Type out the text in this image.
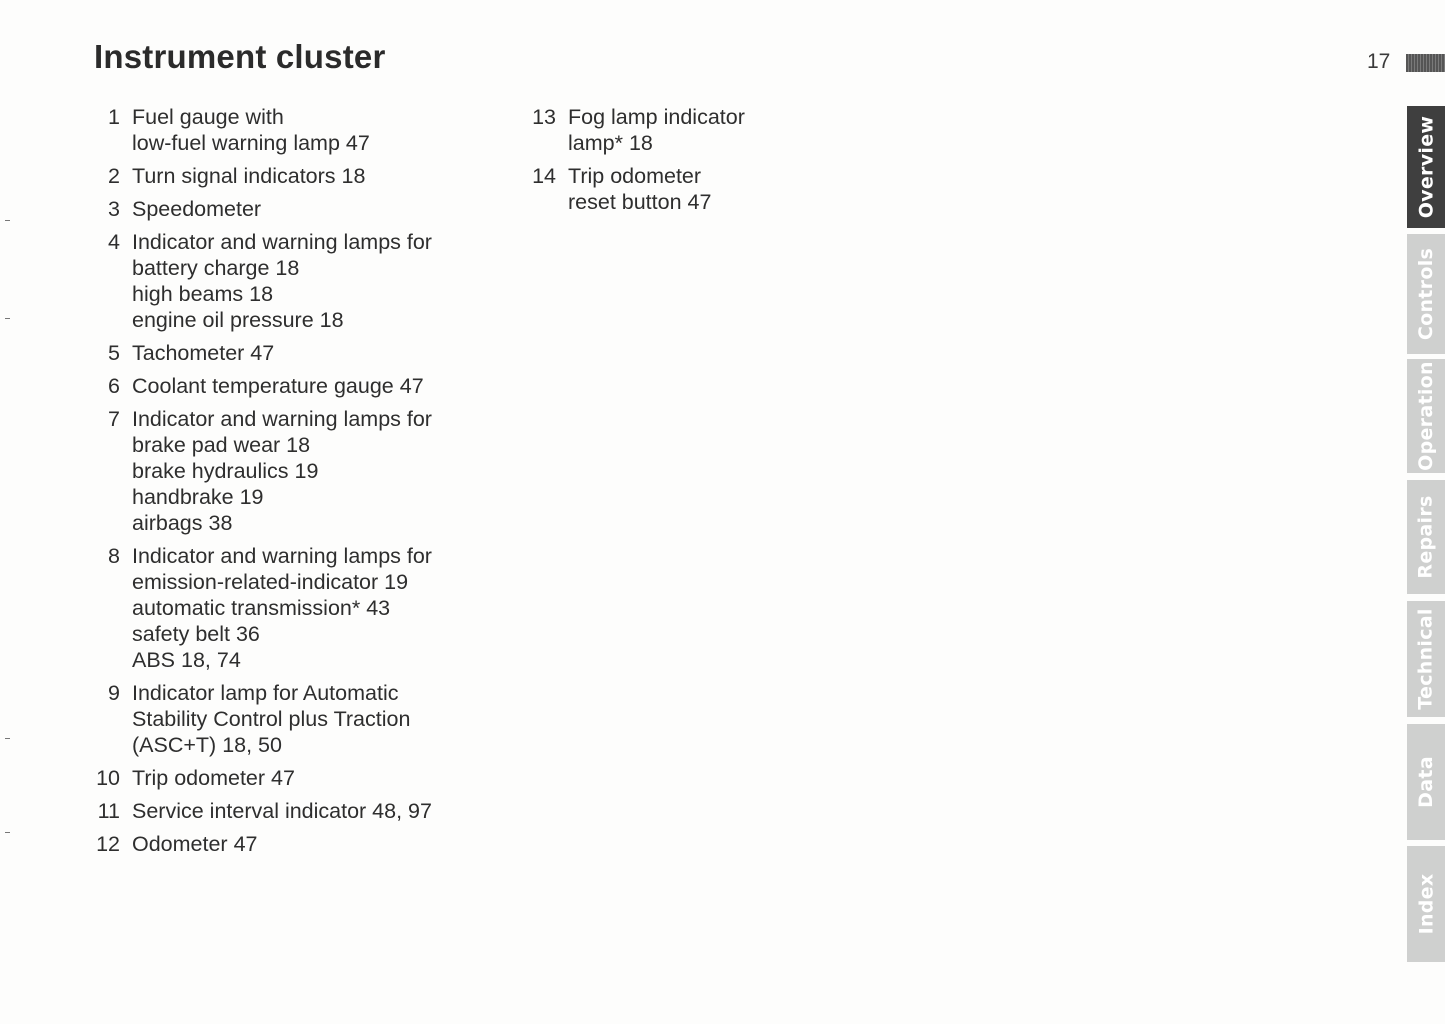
Instrument cluster	17
1 Fuel gauge with
low-fuel warning lamp 47
2 Turn signal indicators 18
3 Speedometer
4 Indicator and warning lamps for
battery charge 18
high beams 18
engine oil pressure 18
5 Tachometer 47
6 Coolant temperature gauge 47
7 Indicator and warning lamps for
brake pad wear 18
brake hydraulics 19
handbrake 19
airbags 38
8 Indicator and warning lamps for
emission-related-indicator 19
automatic transmission* 43
safety belt 36
ABS 18, 74
9 Indicator lamp for Automatic
Stability Control plus Traction
(ASC+T) 18, 50
10 Trip odometer 47
11 Service interval indicator 48, 97
12 Odometer 47
13 Fog lamp indicator
lamp* 18
14 Trip odometer
reset button 47	Overview
Controls
Operation
Repairs
Technical
Data
Index
